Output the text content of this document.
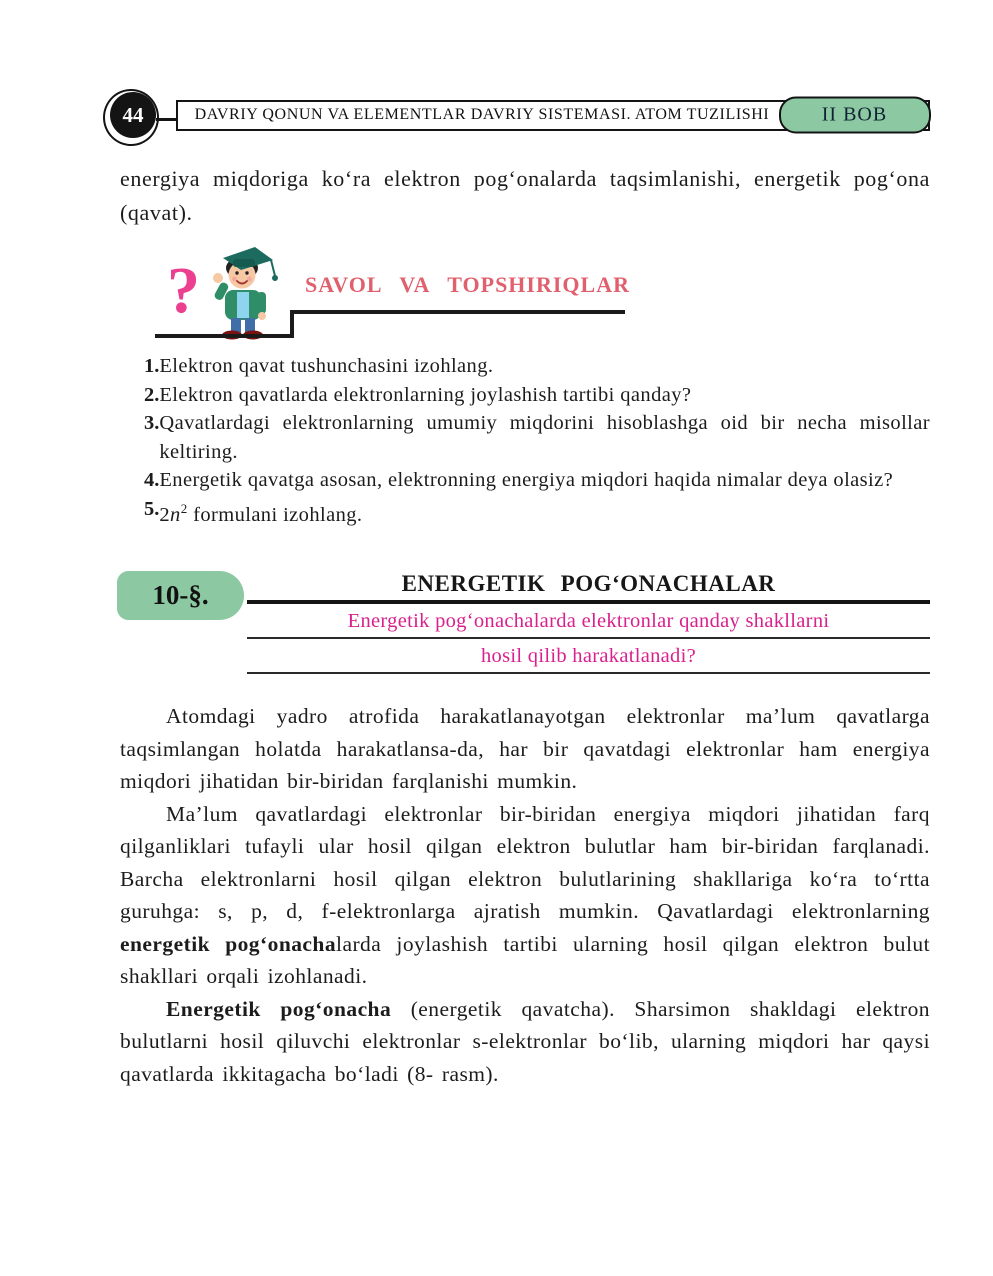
44	DAVRIY QONUN VA ELEMENTLAR DAVRIY SISTEMASI. ATOM TUZILISHI	II BOB
energiya miqdoriga ko‘ra elektron pog‘onalarda taqsimlanishi, energetik pog‘ona (qavat).
?	SAVOL VA TOPSHIRIQLAR
1. Elektron qavat tushunchasini izohlang.
2. Elektron qavatlarda elektronlarning joylashish tartibi qanday?
3. Qavatlardagi elektronlarning umumiy miqdorini hisoblashga oid bir necha misollar keltiring.
4. Energetik qavatga asosan, elektronning energiya miqdori haqida nimalar deya olasiz?
5. $2n^2$ formulani izohlang.
10-§.	ENERGETIK POG‘ONACHALAR
Energetik pog‘onachalarda elektronlar qanday shakllarni
hosil qilib harakatlanadi?

Atomdagi yadro atrofida harakatlanayotgan elektronlar ma’lum qavatlarga taqsimlangan holatda harakatlansa-da, har bir qavatdagi elektronlar ham energiya miqdori jihatidan bir-biridan farqlanishi mumkin.

Ma’lum qavatlardagi elektronlar bir-biridan energiya miqdori jihatidan farq qilganliklari tufayli ular hosil qilgan elektron bulutlar ham bir-biridan farqlanadi. Barcha elektronlarni hosil qilgan elektron bulutlarining shakllariga ko‘ra to‘rtta guruhga: s, p, d, f-elektronlarga ajratish mumkin. Qavatlardagi elektronlarning energetik pog‘onachalarda joylashish tartibi ularning hosil qilgan elektron bulut shakllari orqali izohlanadi.

Energetik pog‘onacha (energetik qavatcha). Sharsimon shakldagi elektron bulutlarni hosil qiluvchi elektronlar s-elektronlar bo‘lib, ularning miqdori har qaysi qavatlarda ikkitagacha bo‘ladi (8- rasm).
